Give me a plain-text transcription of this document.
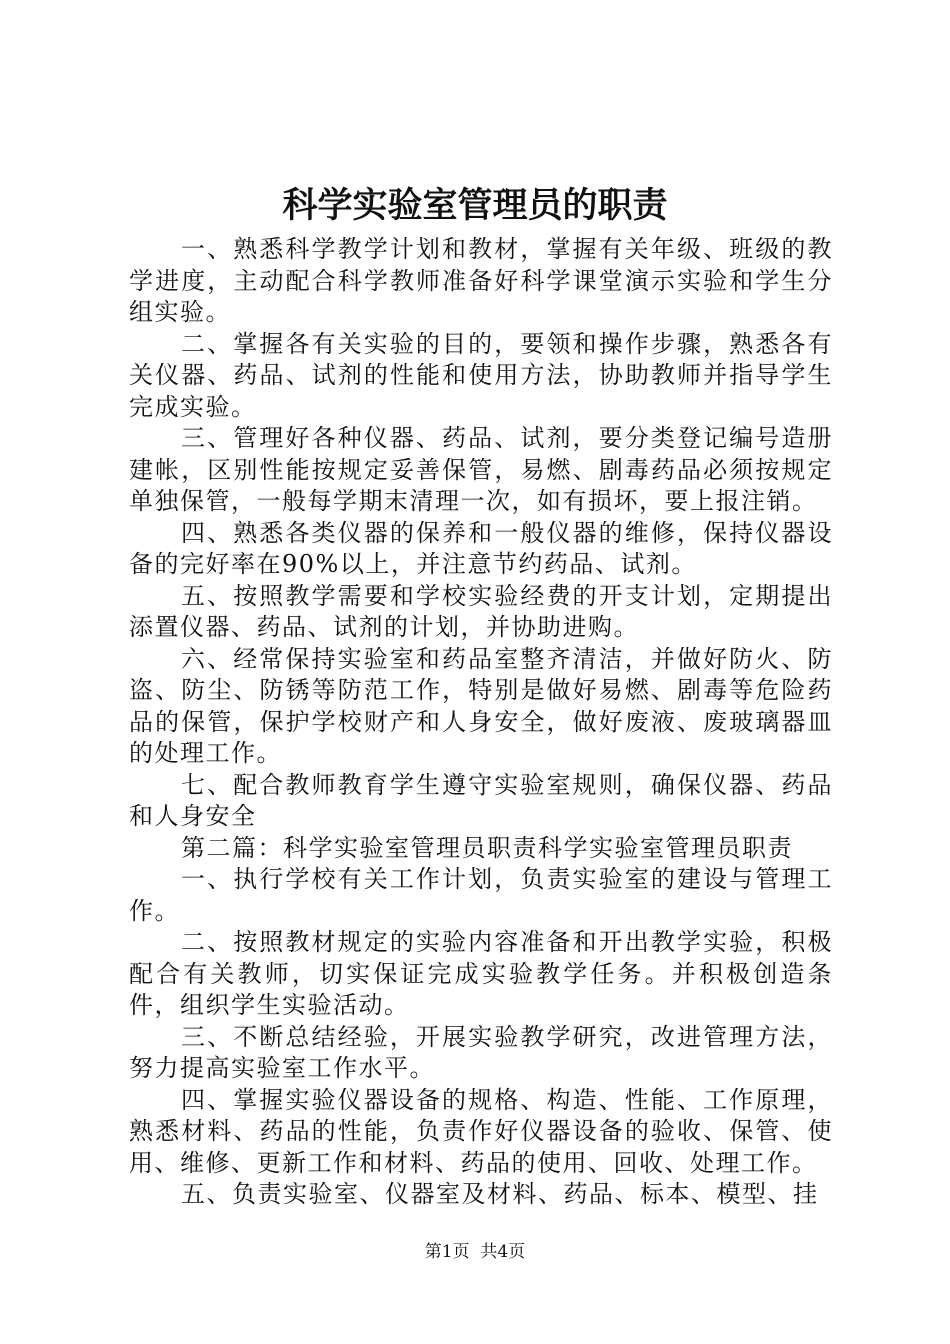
科学实验室管理员的职责

一、熟悉科学教学计划和教材，掌握有关年级、班级的教学进度，主动配合科学教师准备好科学课堂演示实验和学生分组实验。

二、掌握各有关实验的目的，要领和操作步骤，熟悉各有关仪器、药品、试剂的性能和使用方法，协助教师并指导学生完成实验。

三、管理好各种仪器、药品、试剂，要分类登记编号造册建帐，区别性能按规定妥善保管，易燃、剧毒药品必须按规定单独保管，一般每学期末清理一次，如有损坏，要上报注销。

四、熟悉各类仪器的保养和一般仪器的维修，保持仪器设备的完好率在90%以上，并注意节约药品、试剂。

五、按照教学需要和学校实验经费的开支计划，定期提出添置仪器、药品、试剂的计划，并协助进购。

六、经常保持实验室和药品室整齐清洁，并做好防火、防盗、防尘、防锈等防范工作，特别是做好易燃、剧毒等危险药品的保管，保护学校财产和人身安全，做好废液、废玻璃器皿的处理工作。

七、配合教师教育学生遵守实验室规则，确保仪器、药品和人身安全

第二篇：科学实验室管理员职责科学实验室管理员职责

一、执行学校有关工作计划，负责实验室的建设与管理工作。

二、按照教材规定的实验内容准备和开出教学实验，积极配合有关教师，切实保证完成实验教学任务。并积极创造条件，组织学生实验活动。

三、不断总结经验，开展实验教学研究，改进管理方法，努力提高实验室工作水平。

四、掌握实验仪器设备的规格、构造、性能、工作原理，熟悉材料、药品的性能，负责作好仪器设备的验收、保管、使用、维修、更新工作和材料、药品的使用、回收、处理工作。

五、负责实验室、仪器室及材料、药品、标本、模型、挂

第1页  共4页
